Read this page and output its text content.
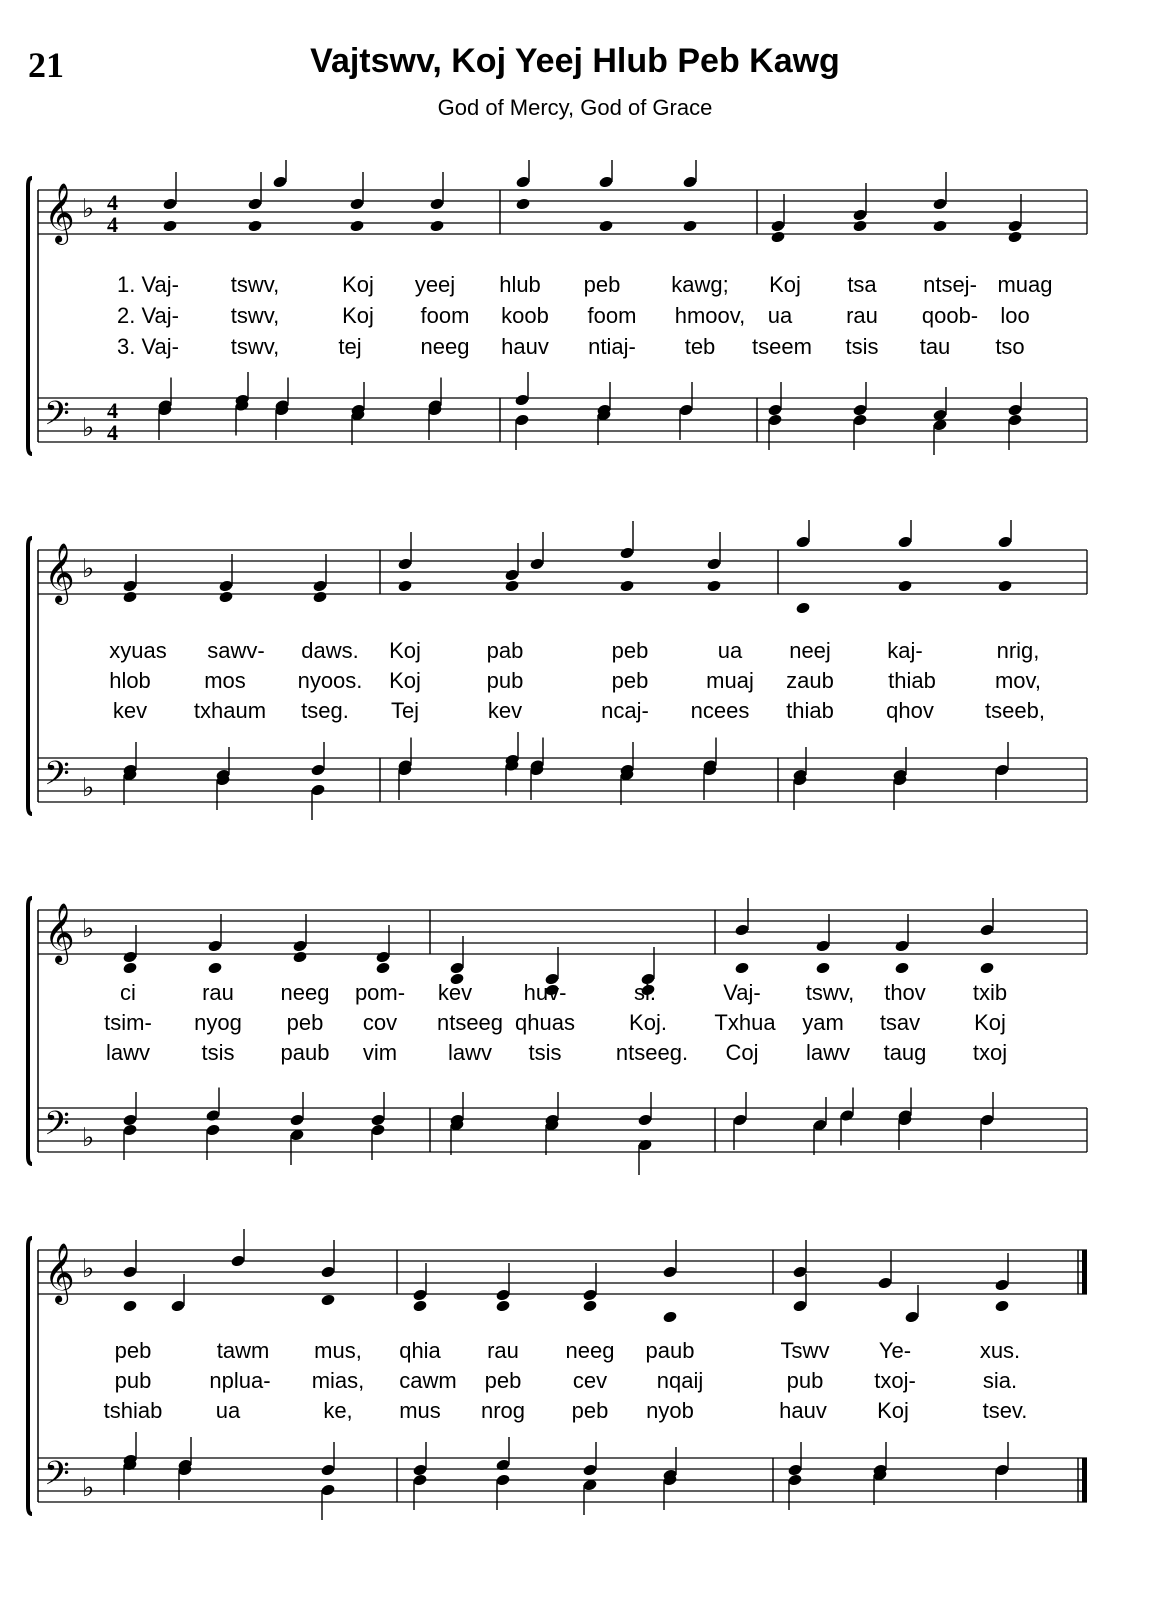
21	Vajtswv, Koj Yeej Hlub Peb Kawg
God of Mercy, God of Grace
𝄞
𝄢
♭
♭
4
4
4
4
1. Vaj- tswv,	Koj yeej hlub peb kawg; Koj tsa ntsej- muag
2. Vaj- tswv,	Koj foom koob foom hmoov, ua rau qoob- loo
3. Vaj- tswv,	tej	neeg hauv ntiaj- teb tseem tsis tau tso
𝄞
𝄢
♭
♭
xyuas sawv- daws. Koj	pab	peb	ua neej	kaj-	nrig,
hlob mos nyoos. Koj	pub	peb	muaj zaub thiab	mov,
kev txhaum tseg. Tej	kev	ncaj- ncees thiab qhov tseeb,
𝄞
𝄢
♭
♭
ci	rau neeg pom- kev huv-	si.	Vaj- tswv, thov txib
tsim- nyog peb cov ntseeg qhuas Koj. Txhua yam tsav Koj
lawv tsis paub vim lawv tsis ntseeg. Coj lawv taug txoj
𝄞
𝄢
♭
♭
peb	tawm mus, qhia rau neeg paub	Tswv Ye-	xus.
pub	nplua- mias, cawm peb cev nqaij	pub txoj-	sia.
tshiab ua	ke, mus nrog peb nyob	hauv Koj	tsev.
